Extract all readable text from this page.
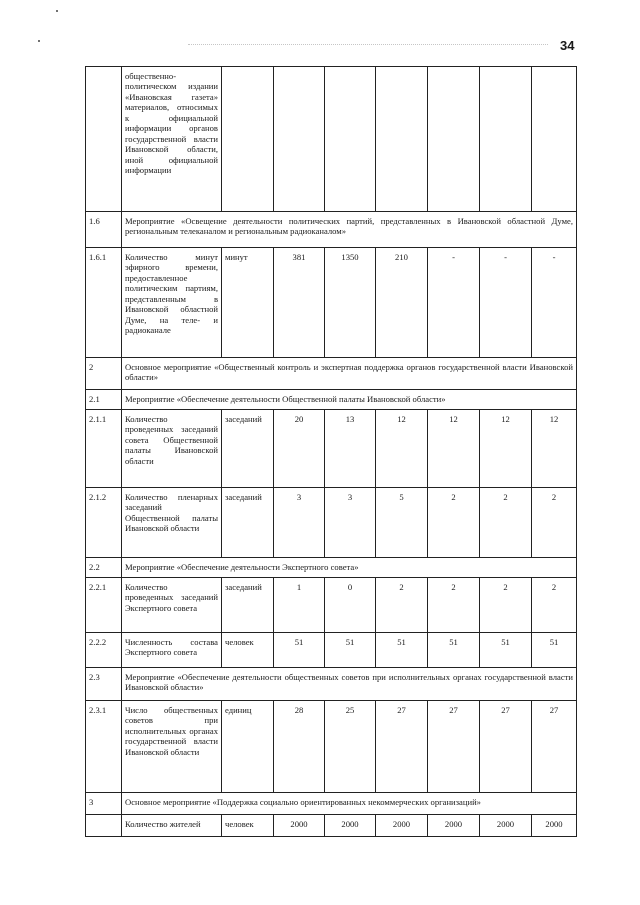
34
	общественно-политическом издании «Ивановская газета» материалов, относимых к официальной информации органов государственной власти Ивановской области, иной официальной информации							
1.6	Мероприятие «Освещение деятельности политических партий, представленных в Ивановской областной Думе, региональным телеканалом и региональным радиоканалом»							
1.6.1	Количество минут эфирного времени, предоставленное политическим партиям, представленным в Ивановской областной Думе, на теле- и радиоканале	минут	381	1350	210	-	-	-
2	Основное мероприятие «Общественный контроль и экспертная поддержка органов государственной власти Ивановской области»							
2.1	Мероприятие «Обеспечение деятельности Общественной палаты Ивановской области»							
2.1.1	Количество проведенных заседаний совета Общественной палаты Ивановской области	заседаний	20	13	12	12	12	12
2.1.2	Количество пленарных заседаний Общественной палаты Ивановской области	заседаний	3	3	5	2	2	2
2.2	Мероприятие «Обеспечение деятельности Экспертного совета»							
2.2.1	Количество проведенных заседаний Экспертного совета	заседаний	1	0	2	2	2	2
2.2.2	Численность состава Экспертного совета	человек	51	51	51	51	51	51
2.3	Мероприятие «Обеспечение деятельности общественных советов при исполнительных органах государственной власти Ивановской области»							
2.3.1	Число общественных советов при исполнительных органах государственной власти Ивановской области	единиц	28	25	27	27	27	27
3	Основное мероприятие «Поддержка социально ориентированных некоммерческих организаций»							
	Количество жителей	человек	2000	2000	2000	2000	2000	2000
